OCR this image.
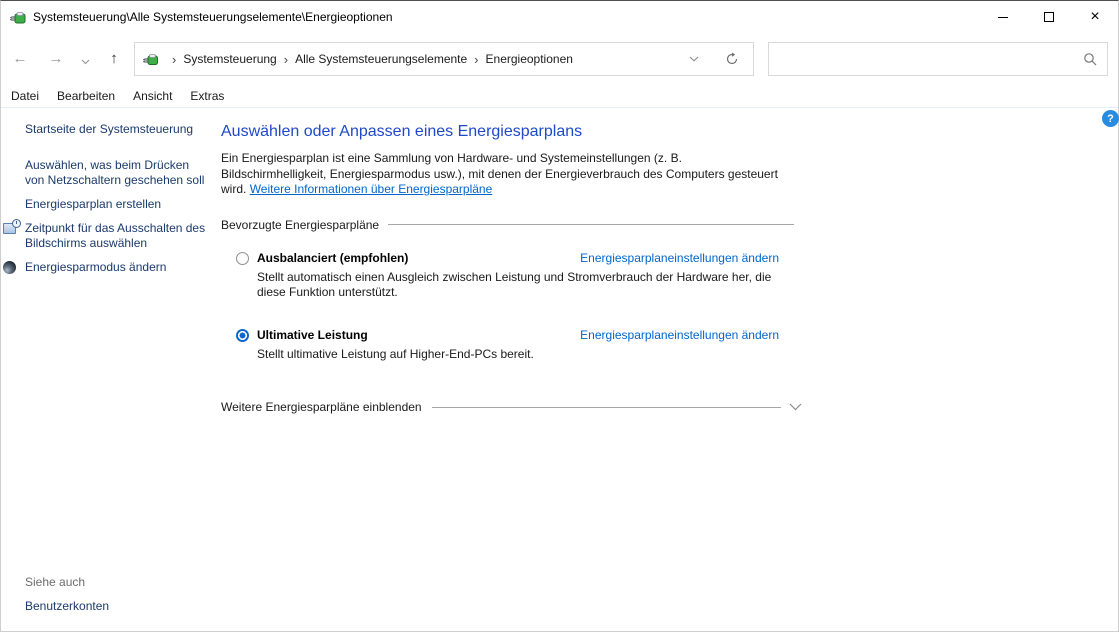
Systemsteuerung\Alle Systemsteuerungselemente\Energieoptionen	×
← →	↑	› Systemsteuerung › Alle Systemsteuerungselemente › Energieoptionen
Datei	Bearbeiten	Ansicht	Extras
Startseite der Systemsteuerung
Auswählen, was beim Drücken von Netzschaltern geschehen soll
Energiesparplan erstellen
Zeitpunkt für das Ausschalten des Bildschirms auswählen
Energiesparmodus ändern
Siehe auch
Benutzerkonten
Auswählen oder Anpassen eines Energiesparplans

Ein Energiesparplan ist eine Sammlung von Hardware- und Systemeinstellungen (z. B. Bildschirmhelligkeit, Energiesparmodus usw.), mit denen der Energieverbrauch des Computers gesteuert wird. Weitere Informationen über Energiesparpläne

Bevorzugte Energiesparpläne
Ausbalanciert (empfohlen)	Energiesparplaneinstellungen ändern
Stellt automatisch einen Ausgleich zwischen Leistung und Stromverbrauch der Hardware her, die diese Funktion unterstützt.
Ultimative Leistung	Energiesparplaneinstellungen ändern
Stellt ultimative Leistung auf Higher-End-PCs bereit.
Weitere Energiesparpläne einblenden
?
